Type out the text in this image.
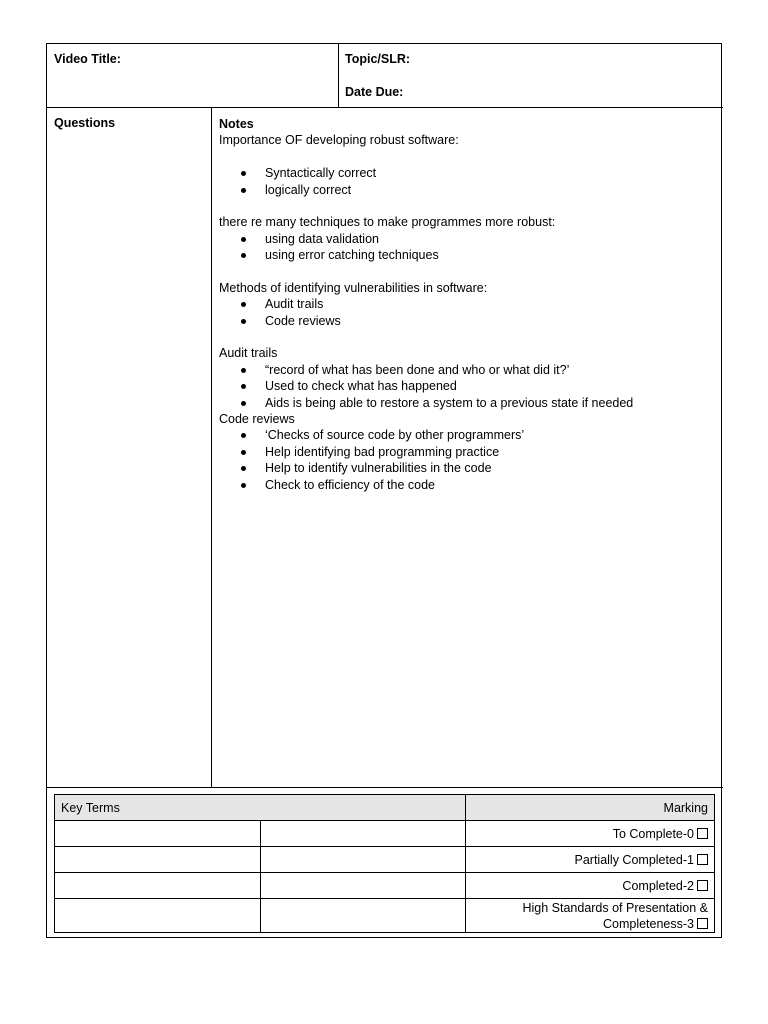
Video Title:	Topic/SLR:
Date Due:
Questions	Notes
Importance OF developing robust software:
Syntactically correct
logically correct
there re many techniques to make programmes more robust:
using data validation
using error catching techniques
Methods of identifying vulnerabilities in software:
Audit trails
Code reviews
Audit trails
“record of what has been done and who or what did it?’
Used to check what has happened
Aids is being able to restore a system to a previous state if needed
Code reviews
‘Checks of source code by other programmers’
Help identifying bad programming practice
Help to identify vulnerabilities in the code
Check to efficiency of the code
Key Terms		Marking
		To Complete-0
		Partially Completed-1
		Completed-2

		High Standards of Presentation &
Completeness-3
